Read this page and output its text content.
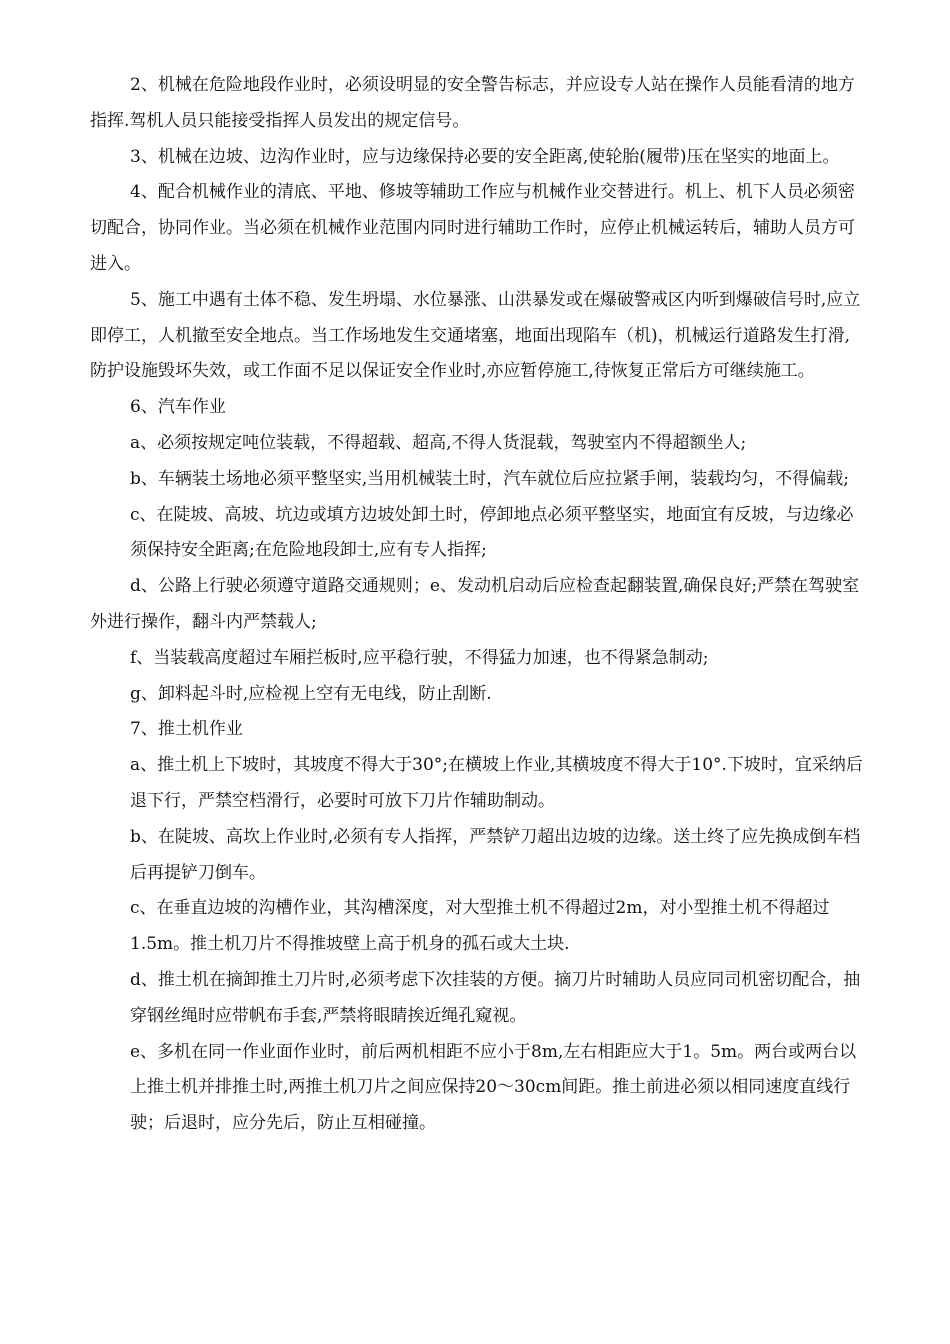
2、机械在危险地段作业时，必须设明显的安全警告标志，并应设专人站在操作人员能看清的地方指挥.驾机人员只能接受指挥人员发出的规定信号。

3、机械在边坡、边沟作业时，应与边缘保持必要的安全距离,使轮胎(履带)压在坚实的地面上。

4、配合机械作业的清底、平地、修坡等辅助工作应与机械作业交替进行。机上、机下人员必须密切配合，协同作业。当必须在机械作业范围内同时进行辅助工作时，应停止机械运转后，辅助人员方可进入。

5、施工中遇有土体不稳、发生坍塌、水位暴涨、山洪暴发或在爆破警戒区内听到爆破信号时,应立即停工，人机撤至安全地点。当工作场地发生交通堵塞，地面出现陷车（机)，机械运行道路发生打滑,防护设施毁坏失效，或工作面不足以保证安全作业时,亦应暂停施工,待恢复正常后方可继续施工。

6、汽车作业

a、必须按规定吨位装载，不得超载、超高,不得人货混载，驾驶室内不得超额坐人;

b、车辆装土场地必须平整坚实,当用机械装土时，汽车就位后应拉紧手闸，装载均匀，不得偏载;

c、在陡坡、高坡、坑边或填方边坡处卸土时，停卸地点必须平整坚实，地面宜有反坡，与边缘必须保持安全距离;在危险地段卸士,应有专人指挥;

d、公路上行驶必须遵守道路交通规则；e、发动机启动后应检查起翻装置,确保良好;严禁在驾驶室外进行操作，翻斗内严禁载人;

f、当装载高度超过车厢拦板时,应平稳行驶，不得猛力加速，也不得紧急制动;

g、卸料起斗时,应检视上空有无电线，防止刮断.

7、推土机作业

a、推土机上下坡时，其坡度不得大于30°;在横坡上作业,其横坡度不得大于10°.下坡时，宜采纳后退下行，严禁空档滑行，必要时可放下刀片作辅助制动。

b、在陡坡、高坎上作业时,必须有专人指挥，严禁铲刀超出边坡的边缘。送土终了应先换成倒车档后再提铲刀倒车。

c、在垂直边坡的沟槽作业，其沟槽深度，对大型推土机不得超过2m，对小型推土机不得超过1.5m。推土机刀片不得推坡壁上高于机身的孤石或大土块.

d、推土机在摘卸推土刀片时,必须考虑下次挂装的方便。摘刀片时辅助人员应同司机密切配合，抽穿钢丝绳时应带帆布手套,严禁将眼睛挨近绳孔窥视。

e、多机在同一作业面作业时，前后两机相距不应小于8m,左右相距应大于1。5m。两台或两台以上推土机并排推土时,两推土机刀片之间应保持20～30cm间距。推土前进必须以相同速度直线行驶；后退时，应分先后，防止互相碰撞。
